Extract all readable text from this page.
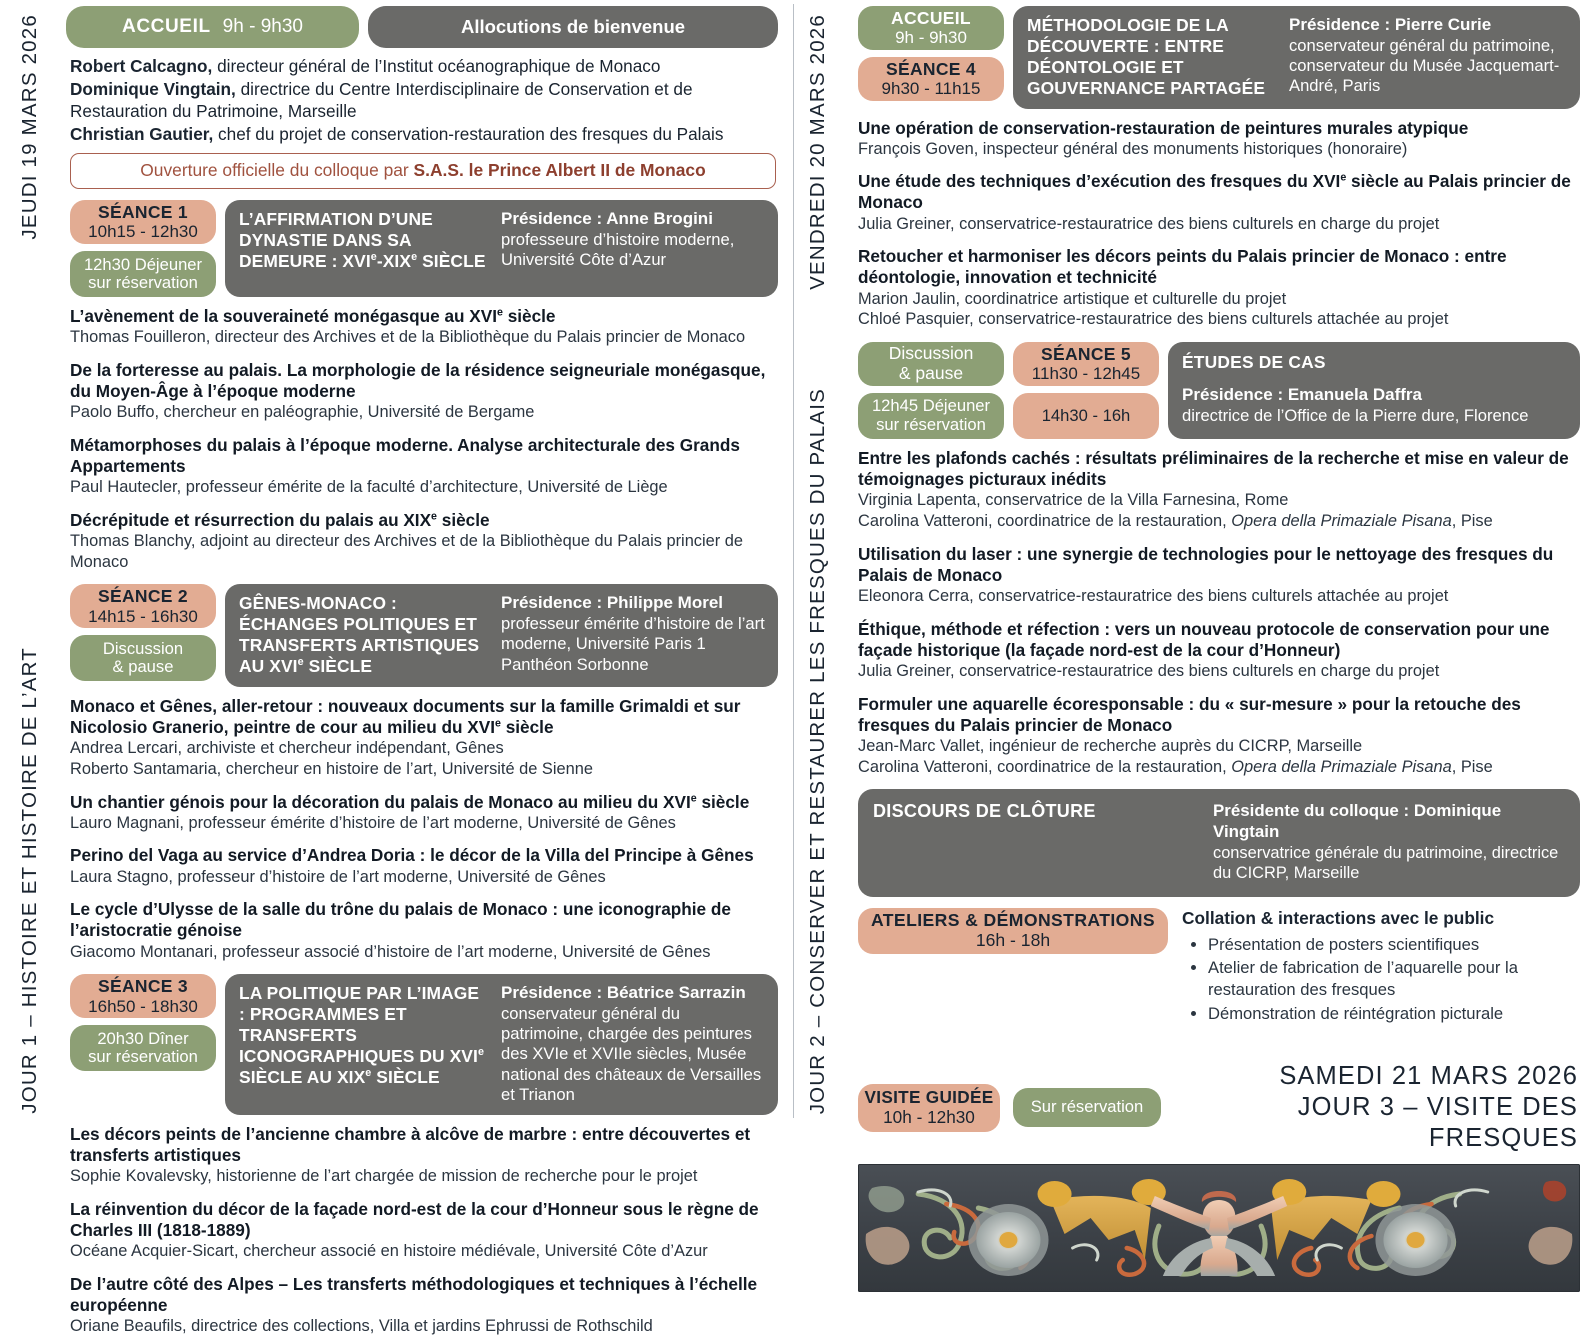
JEUDI 19 MARS 2026
JOUR 1 – HISTOIRE ET HISTOIRE DE L’ART
ACCUEIL 9h - 9h30	Allocutions de bienvenue
Robert Calcagno, directeur général de l’Institut océanographique de Monaco
Dominique Vingtain, directrice du Centre Interdisciplinaire de Conservation et de Restauration du Patrimoine, Marseille
Christian Gautier, chef du projet de conservation-restauration des fresques du Palais
Ouverture officielle du colloque par S.A.S. le Prince Albert II de Monaco
SÉANCE 1
10h15 - 12h30
12h30 Déjeuner
sur réservation
L’AFFIRMATION D’UNE DYNASTIE DANS SA DEMEURE : XVIe-XIXe SIÈCLE
Présidence : Anne Brogini
professeure d’histoire moderne, Université Côte d’Azur
L’avènement de la souveraineté monégasque au XVIe siècle
Thomas Fouilleron, directeur des Archives et de la Bibliothèque du Palais princier de Monaco
De la forteresse au palais. La morphologie de la résidence seigneuriale monégasque, du Moyen-Âge à l’époque moderne
Paolo Buffo, chercheur en paléographie, Université de Bergame
Métamorphoses du palais à l’époque moderne. Analyse architecturale des Grands Appartements
Paul Hautecler, professeur émérite de la faculté d’architecture, Université de Liège
Décrépitude et résurrection du palais au XIXe siècle
Thomas Blanchy, adjoint au directeur des Archives et de la Bibliothèque du Palais princier de Monaco
SÉANCE 2
14h15 - 16h30
Discussion
& pause
GÊNES-MONACO : ÉCHANGES POLITIQUES ET TRANSFERTS ARTISTIQUES AU XVIe SIÈCLE
Présidence : Philippe Morel
professeur émérite d’histoire de l’art moderne, Université Paris 1 Panthéon Sorbonne
Monaco et Gênes, aller-retour : nouveaux documents sur la famille Grimaldi et sur Nicolosio Granerio, peintre de cour au milieu du XVIe siècle
Andrea Lercari, archiviste et chercheur indépendant, Gênes
Roberto Santamaria, chercheur en histoire de l’art, Université de Sienne
Un chantier génois pour la décoration du palais de Monaco au milieu du XVIe siècle
Lauro Magnani, professeur émérite d’histoire de l’art moderne, Université de Gênes
Perino del Vaga au service d’Andrea Doria : le décor de la Villa del Principe à Gênes
Laura Stagno, professeur d’histoire de l’art moderne, Université de Gênes
Le cycle d’Ulysse de la salle du trône du palais de Monaco : une iconographie de l’aristocratie génoise
Giacomo Montanari, professeur associé d’histoire de l’art moderne, Université de Gênes
SÉANCE 3
16h50 - 18h30
20h30 Dîner
sur réservation
LA POLITIQUE PAR L’IMAGE : PROGRAMMES ET TRANSFERTS ICONOGRAPHIQUES DU XVIe SIÈCLE AU XIXe SIÈCLE
Présidence : Béatrice Sarrazin
conservateur général du patrimoine, chargée des peintures des XVIe et XVIIe siècles, Musée national des châteaux de Versailles et Trianon
Les décors peints de l’ancienne chambre à alcôve de marbre : entre découvertes et transferts artistiques
Sophie Kovalevsky, historienne de l’art chargée de mission de recherche pour le projet
La réinvention du décor de la façade nord-est de la cour d’Honneur sous le règne de Charles III (1818-1889)
Océane Acquier-Sicart, chercheur associé en histoire médiévale, Université Côte d’Azur
De l’autre côté des Alpes – Les transferts méthodologiques et techniques à l’échelle européenne
Oriane Beaufils, directrice des collections, Villa et jardins Ephrussi de Rothschild
VENDREDI 20 MARS 2026
JOUR 2 – CONSERVER ET RESTAURER LES FRESQUES DU PALAIS
ACCUEIL
9h - 9h30
SÉANCE 4
9h30 - 11h15
MÉTHODOLOGIE DE LA DÉCOUVERTE : ENTRE DÉONTOLOGIE ET GOUVERNANCE PARTAGÉE
Présidence : Pierre Curie
conservateur général du patrimoine, conservateur du Musée Jacquemart-André, Paris
Une opération de conservation-restauration de peintures murales atypique
François Goven, inspecteur général des monuments historiques (honoraire)
Une étude des techniques d’exécution des fresques du XVIe siècle au Palais princier de Monaco
Julia Greiner, conservatrice-restauratrice des biens culturels en charge du projet
Retoucher et harmoniser les décors peints du Palais princier de Monaco : entre déontologie, innovation et technicité
Marion Jaulin, coordinatrice artistique et culturelle du projet
Chloé Pasquier, conservatrice-restauratrice des biens culturels attachée au projet
Discussion
& pause
12h45 Déjeuner
sur réservation
SÉANCE 5
11h30 - 12h45
14h30 - 16h
ÉTUDES DE CAS
Présidence : Emanuela Daffra
directrice de l’Office de la Pierre dure, Florence
Entre les plafonds cachés : résultats préliminaires de la recherche et mise en valeur de témoignages picturaux inédits
Virginia Lapenta, conservatrice de la Villa Farnesina, Rome
Carolina Vatteroni, coordinatrice de la restauration, Opera della Primaziale Pisana, Pise
Utilisation du laser : une synergie de technologies pour le nettoyage des fresques du Palais de Monaco
Eleonora Cerra, conservatrice-restauratrice des biens culturels attachée au projet
Éthique, méthode et réfection : vers un nouveau protocole de conservation pour une façade historique (la façade nord-est de la cour d’Honneur)
Julia Greiner, conservatrice-restauratrice des biens culturels en charge du projet
Formuler une aquarelle écoresponsable : du « sur-mesure » pour la retouche des fresques du Palais princier de Monaco
Jean-Marc Vallet, ingénieur de recherche auprès du CICRP, Marseille
Carolina Vatteroni, coordinatrice de la restauration, Opera della Primaziale Pisana, Pise
DISCOURS DE CLÔTURE	Présidente du colloque : Dominique Vingtain
conservatrice générale du patrimoine, directrice du CICRP, Marseille
ATELIERS & DÉMONSTRATIONS
16h - 18h
Collation & interactions avec le public
• Présentation de posters scientifiques
• Atelier de fabrication de l’aquarelle pour la restauration des fresques
• Démonstration de réintégration picturale
VISITE GUIDÉE
10h - 12h30	Sur réservation
SAMEDI 21 MARS 2026
JOUR 3 – VISITE DES FRESQUES
